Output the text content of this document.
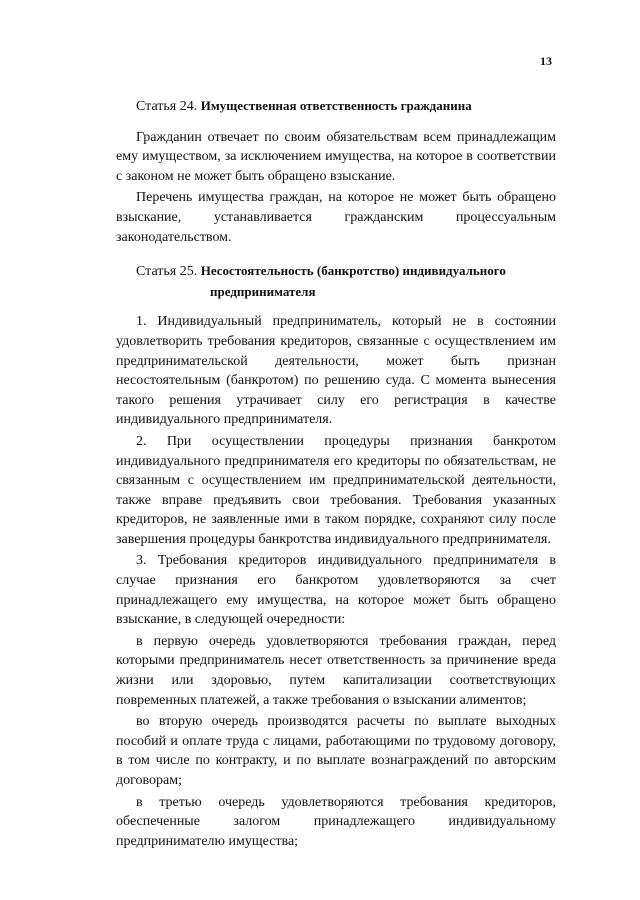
13
Статья 24. Имущественная ответственность гражданина

Гражданин отвечает по своим обязательствам всем принадлежащим ему имуществом, за исключением имущества, на которое в соответствии с законом не может быть обращено взыскание.

Перечень имущества граждан, на которое не может быть обращено взыскание, устанавливается гражданским процессуальным законодательством.

Статья 25. Несостоятельность (банкротство) индивидуального
предпринимателя

1. Индивидуальный предприниматель, который не в состоянии удовлетворить требования кредиторов, связанные с осуществлением им предпринимательской деятельности, может быть признан несостоятельным (банкротом) по решению суда. С момента вынесения такого решения утрачивает силу его регистрация в качестве индивидуального предпринимателя.

2. При осуществлении процедуры признания банкротом индивидуального предпринимателя его кредиторы по обязательствам, не связанным с осуществлением им предпринимательской деятельности, также вправе предъявить свои требования. Требования указанных кредиторов, не заявленные ими в таком порядке, сохраняют силу после завершения процедуры банкротства индивидуального предпринимателя.

3. Требования кредиторов индивидуального предпринимателя в случае признания его банкротом удовлетворяются за счет принадлежащего ему имущества, на которое может быть обращено взыскание, в следующей очередности:

в первую очередь удовлетворяются требования граждан, перед которыми предприниматель несет ответственность за причинение вреда жизни или здоровью, путем капитализации соответствующих повременных платежей, а также требования о взыскании алиментов;

во вторую очередь производятся расчеты по выплате выходных пособий и оплате труда с лицами, работающими по трудовому договору, в том числе по контракту, и по выплате вознаграждений по авторским договорам;

в третью очередь удовлетворяются требования кредиторов, обеспеченные залогом принадлежащего индивидуальному предпринимателю имущества;
